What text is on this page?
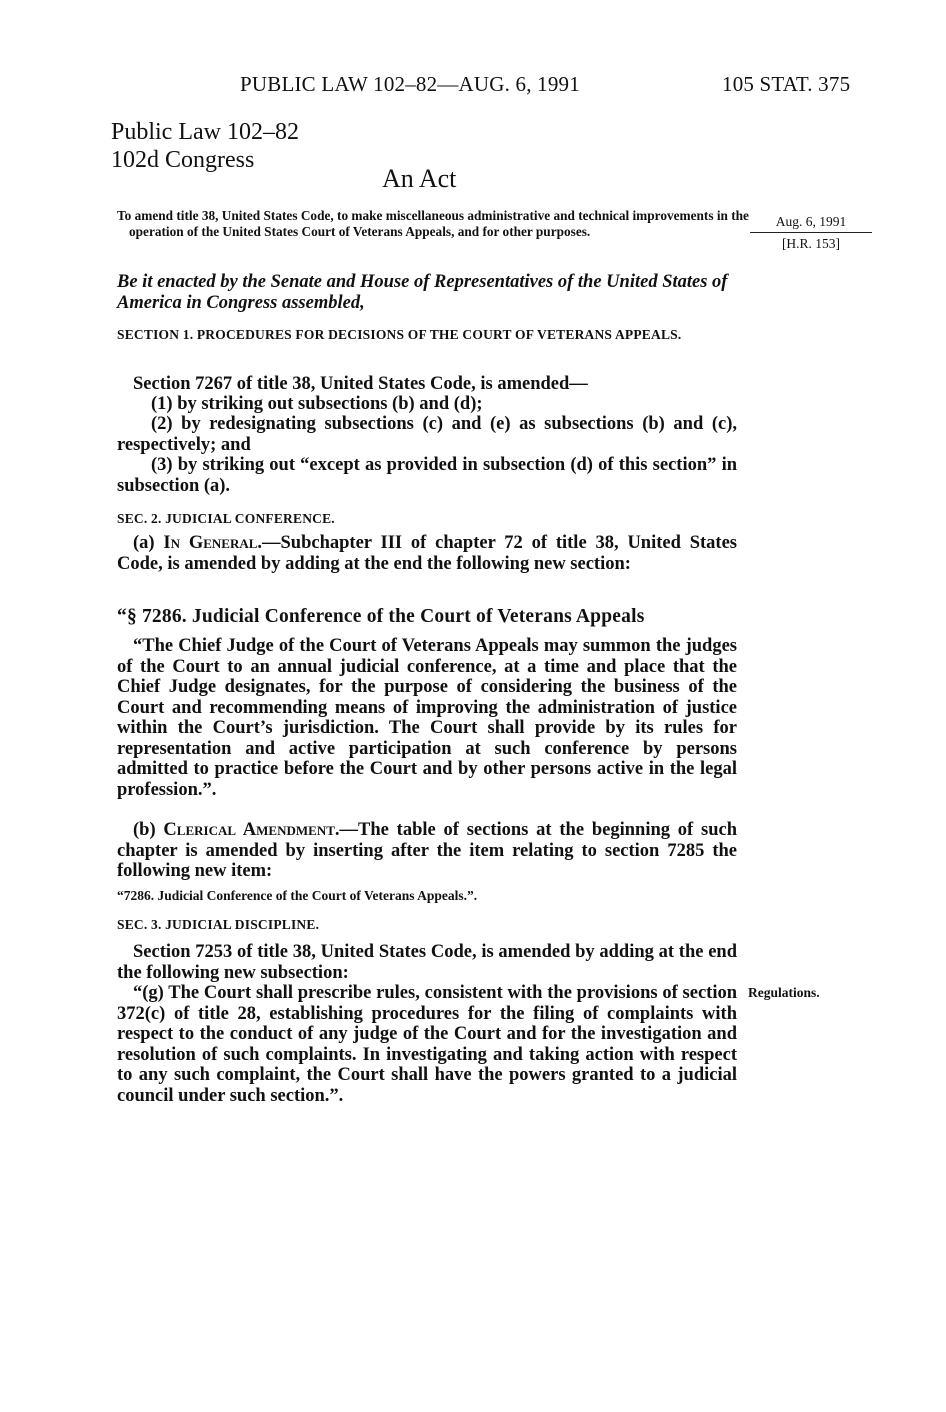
PUBLIC LAW 102–82—AUG. 6, 1991	105 STAT. 375
Public Law 102–82
102d Congress
An Act
To amend title 38, United States Code, to make miscellaneous administrative and technical improvements in the operation of the United States Court of Veterans Appeals, and for other purposes.
Aug. 6, 1991
[H.R. 153]
Be it enacted by the Senate and House of Representatives of the United States of America in Congress assembled,
SECTION 1. PROCEDURES FOR DECISIONS OF THE COURT OF VETERANS APPEALS.

Section 7267 of title 38, United States Code, is amended—

(1) by striking out subsections (b) and (d);

(2) by redesignating subsections (c) and (e) as subsections (b) and (c), respectively; and

(3) by striking out “except as provided in subsection (d) of this section” in subsection (a).

SEC. 2. JUDICIAL CONFERENCE.

(a) In General.—Subchapter III of chapter 72 of title 38, United States Code, is amended by adding at the end the following new section:

“§ 7286. Judicial Conference of the Court of Veterans Appeals

“The Chief Judge of the Court of Veterans Appeals may summon the judges of the Court to an annual judicial conference, at a time and place that the Chief Judge designates, for the purpose of considering the business of the Court and recommending means of improving the administration of justice within the Court’s jurisdiction. The Court shall provide by its rules for representation and active participation at such conference by persons admitted to practice before the Court and by other persons active in the legal profession.”.

(b) Clerical Amendment.—The table of sections at the beginning of such chapter is amended by inserting after the item relating to section 7285 the following new item:

“7286. Judicial Conference of the Court of Veterans Appeals.”.
SEC. 3. JUDICIAL DISCIPLINE.

Section 7253 of title 38, United States Code, is amended by adding at the end the following new subsection:

“(g) The Court shall prescribe rules, consistent with the provisions of section 372(c) of title 28, establishing procedures for the filing of complaints with respect to the conduct of any judge of the Court and for the investigation and resolution of such complaints. In investigating and taking action with respect to any such complaint, the Court shall have the powers granted to a judicial council under such section.”.

Regulations.
